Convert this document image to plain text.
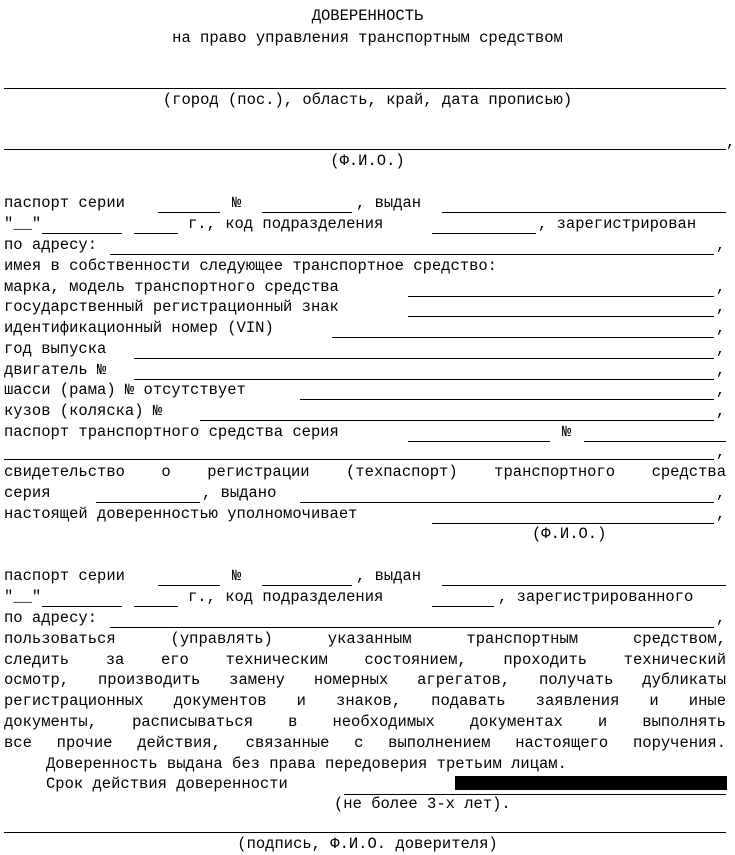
ДОВЕРЕННОСТЬ
на право управления транспортным средством
(город (пос.), область, край, дата прописью)
,
(Ф.И.О.)
паспорт серии	№	, выдан
"__"	г., код подразделения	, зарегистрирован
по адресу:	,
имея в собственности следующее транспортное средство:
марка, модель транспортного средства	,
государственный регистрационный знак	,
идентификационный номер (VIN)	,
год выпуска	,
двигатель №	,
шасси (рама) № отсутствует	,
кузов (коляска) №	,
паспорт транспортного средства серия	№
,
свидетельство о регистрации (техпаспорт) транспортного средства
серия	, выдано	,
настоящей доверенностью уполномочивает	,
(Ф.И.О.)
паспорт серии	№	, выдан
"__"	г., код подразделения	, зарегистрированного
по адресу:	,
пользоваться (управлять) указанным транспортным средством,
следить за его техническим состоянием, проходить технический
осмотр, производить замену номерных агрегатов, получать дубликаты
регистрационных документов и знаков, подавать заявления и иные
документы, расписываться в необходимых документах и выполнять
все прочие действия, связанные с выполнением настоящего поручения.
Доверенность выдана без права передоверия третьим лицам.
Срок действия доверенности
(не более 3-х лет).
(подпись, Ф.И.О. доверителя)
